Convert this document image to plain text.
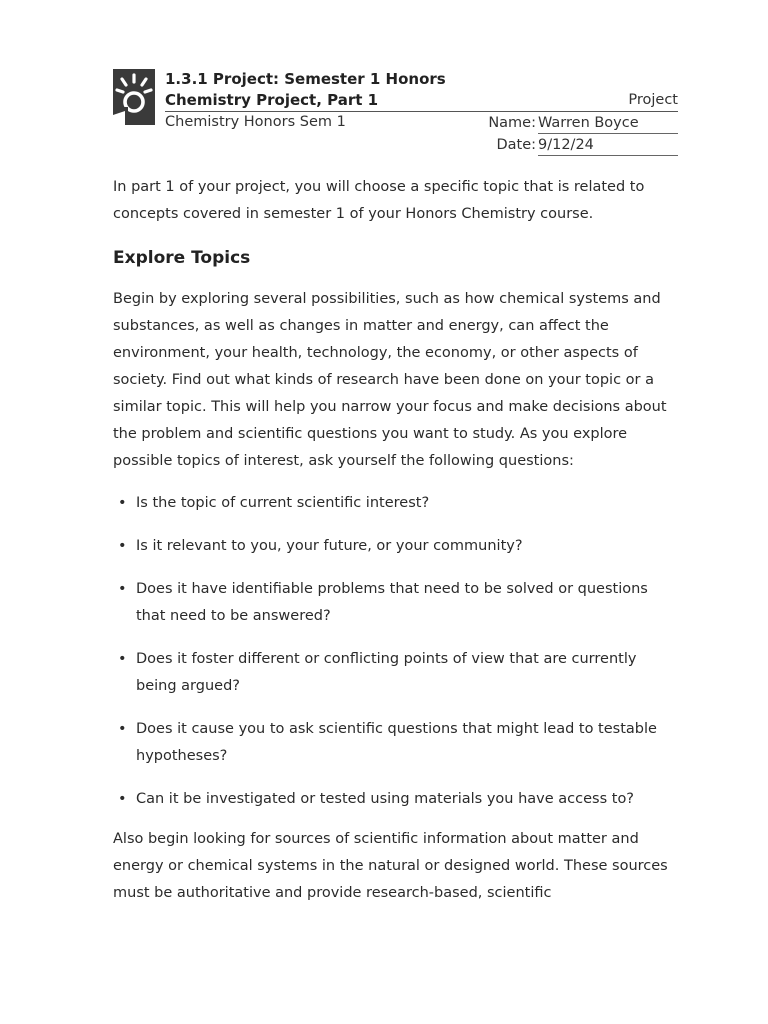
1.3.1 Project: Semester 1 Honors
Chemistry Project, Part 1	Project
Chemistry Honors Sem 1	Name: Warren Boyce
Date: 9/12/24

In part 1 of your project, you will choose a specific topic that is related to concepts covered in semester 1 of your Honors Chemistry course.

Explore Topics

Begin by exploring several possibilities, such as how chemical systems and substances, as well as changes in matter and energy, can affect the environment, your health, technology, the economy, or other aspects of society. Find out what kinds of research have been done on your topic or a similar topic. This will help you narrow your focus and make decisions about the problem and scientific questions you want to study. As you explore possible topics of interest, ask yourself the following questions:

• Is the topic of current scientific interest?
• Is it relevant to you, your future, or your community?
• Does it have identifiable problems that need to be solved or questions that need to be answered?
• Does it foster different or conflicting points of view that are currently being argued?
• Does it cause you to ask scientific questions that might lead to testable hypotheses?
• Can it be investigated or tested using materials you have access to?

Also begin looking for sources of scientific information about matter and energy or chemical systems in the natural or designed world. These sources must be authoritative and provide research-based, scientific
